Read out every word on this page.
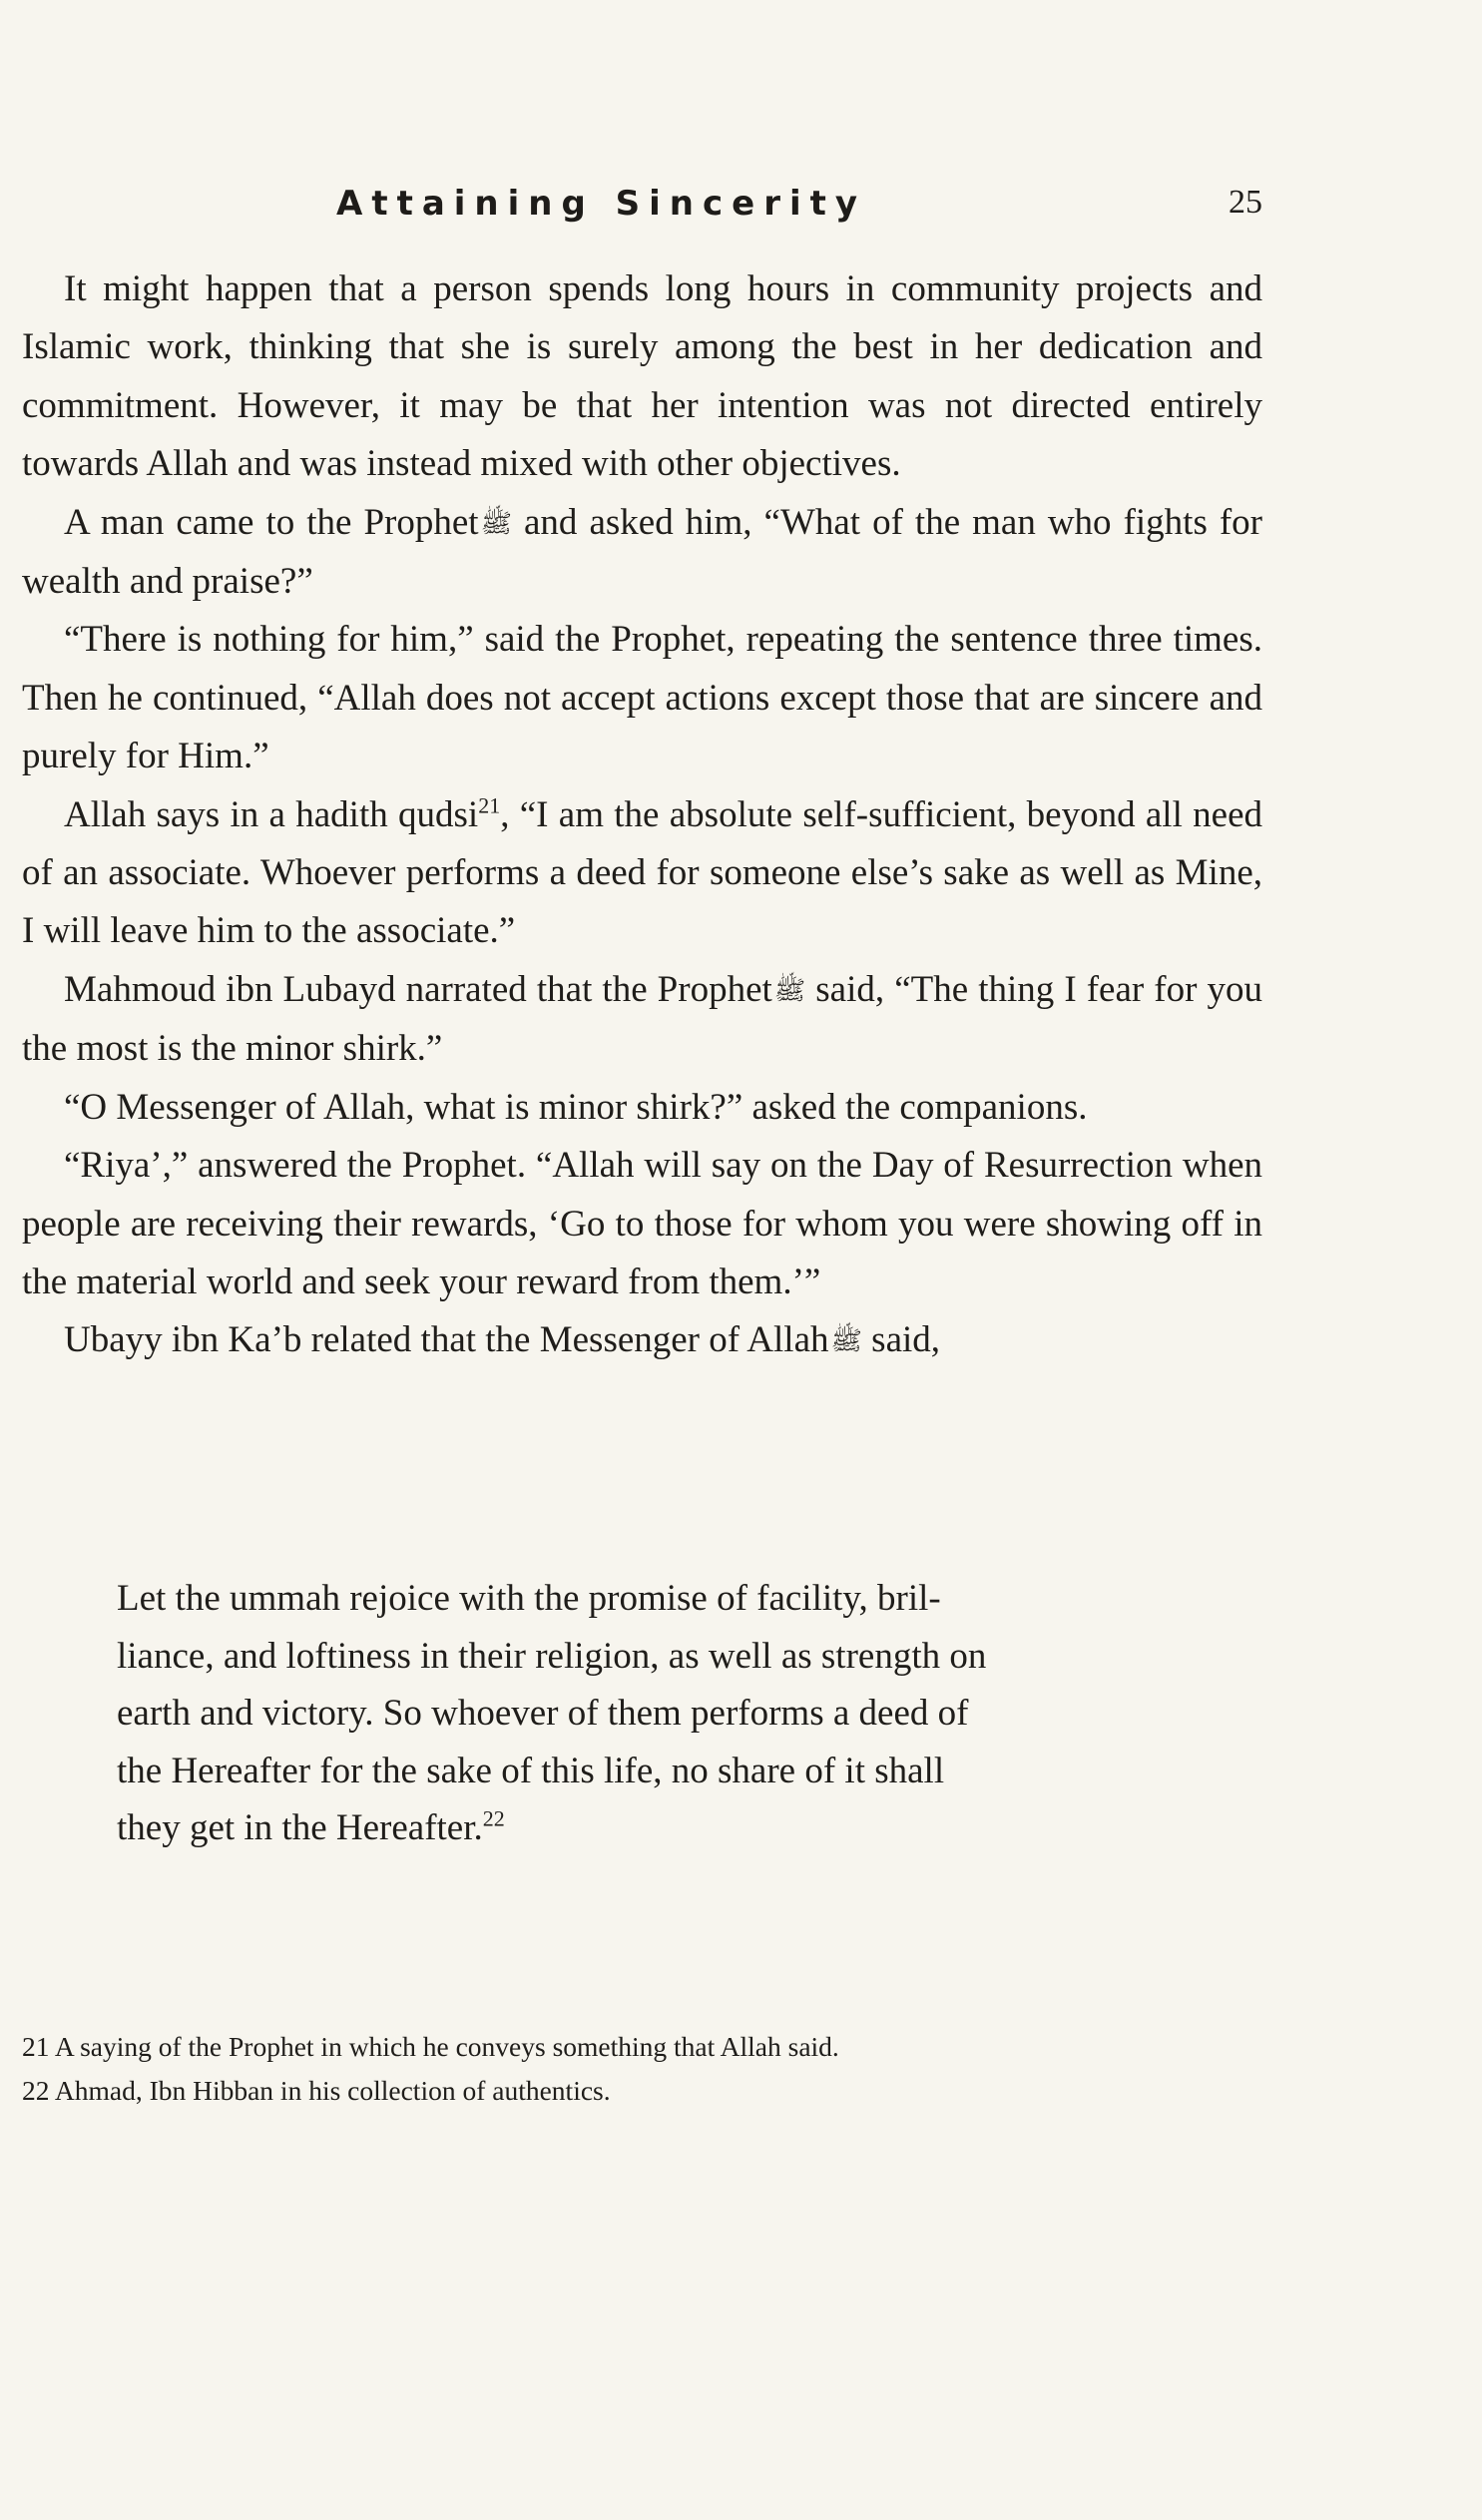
Attaining Sincerity	25

It might happen that a person spends long hours in community projects and Islamic work, thinking that she is surely among the best in her dedication and commitment. However, it may be that her intention was not directed entirely towards Allah and was instead mixed with other objectives.

A man came to the Prophetﷺ and asked him, “What of the man who fights for wealth and praise?”

“There is nothing for him,” said the Prophet, repeating the sentence three times. Then he continued, “Allah does not accept actions except those that are sincere and purely for Him.”

Allah says in a hadith qudsi$^{21}$, “I am the absolute self-sufficient, beyond all need of an associate. Whoever performs a deed for someone else’s sake as well as Mine, I will leave him to the associate.”

Mahmoud ibn Lubayd narrated that the Prophetﷺ said, “The thing I fear for you the most is the minor shirk.”

“O Messenger of Allah, what is minor shirk?” asked the companions.

“Riya’,” answered the Prophet. “Allah will say on the Day of Resurrection when people are receiving their rewards, ‘Go to those for whom you were showing off in the material world and seek your reward from them.’”

Ubayy ibn Ka’b related that the Messenger of Allahﷺ said,

Let the ummah rejoice with the promise of facility, bril-

liance, and loftiness in their religion, as well as strength on

earth and victory. So whoever of them performs a deed of

the Hereafter for the sake of this life, no share of it shall

they get in the Hereafter.$^{22}$

21 A saying of the Prophet in which he conveys something that Allah said.

22 Ahmad, Ibn Hibban in his collection of authentics.
